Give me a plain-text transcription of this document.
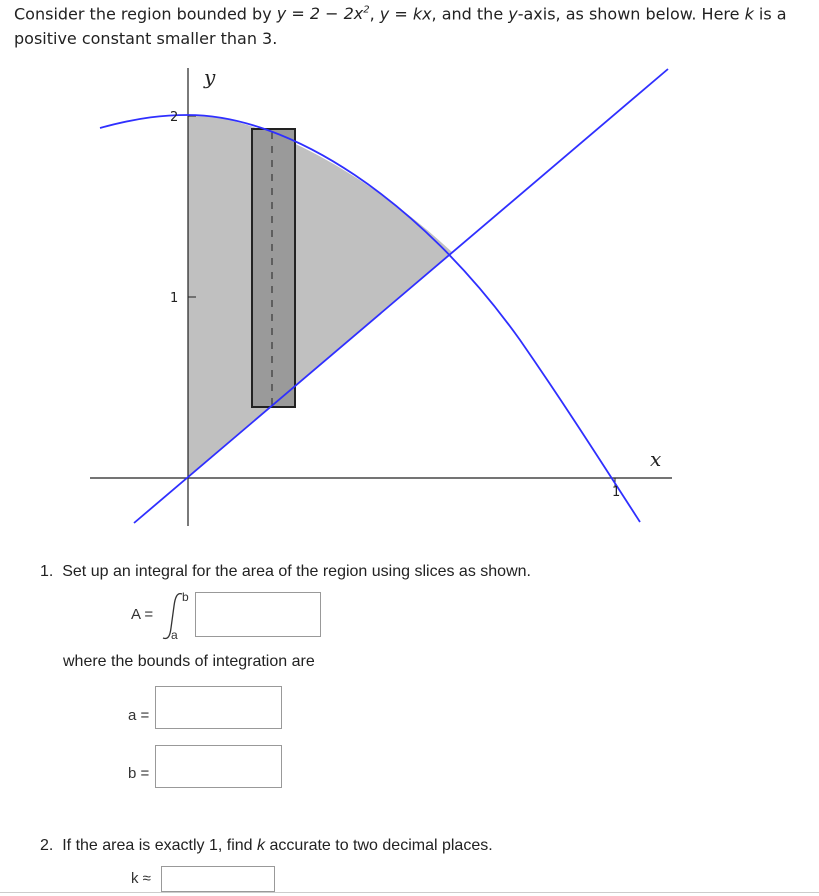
Consider the region bounded by $y = 2 - 2x^2$, y = kx, and the y-axis, as shown below. Here k is a positive constant smaller than 3.
y
x
2
1
1
1. Set up an integral for the area of the region using slices as shown.
A =
b
a
where the bounds of integration are
a =
b =
2. If the area is exactly 1, find k accurate to two decimal places.
k ≈
